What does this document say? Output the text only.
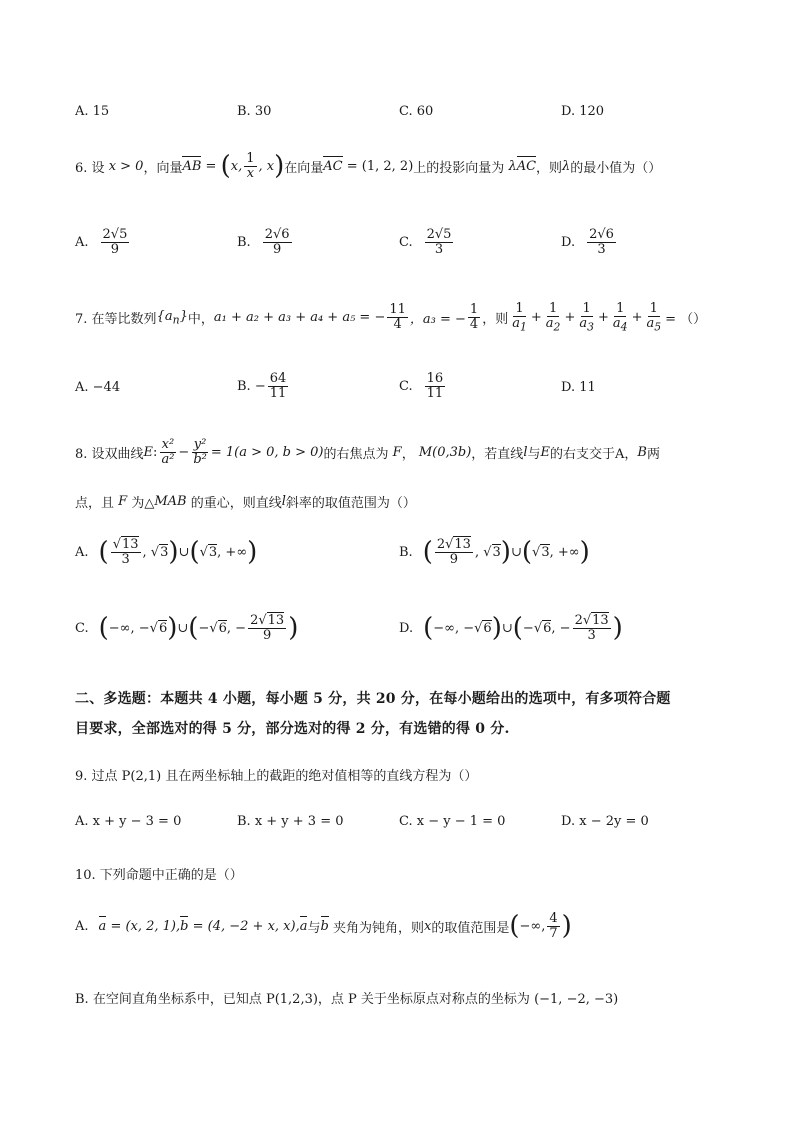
A. 15	B. 30	C. 60	D. 120
6. 设
x > 0 ，向量 AB = ( x, $\frac{1}{x}$ , x ) 在向量 AC
= (1, 2, 2) 上的投影向量为
λ AC ，则 λ 的最小值为（）
A. $\frac{2√5}{9}$	B. $\frac{2√6}{9}$	C. $\frac{2√5}{3}$	D. $\frac{2√6}{3}$
7. 在等比数列 $\{a_n\}$ 中， a₁ + a₂ + a₃ + a₄ + a₅ = − $\frac{11}{4}$ ，a₃ = − $\frac{1}{4}$ ，则 $\frac{1}{a_1} + \frac{1}{a_2} + \frac{1}{a_3} + \frac{1}{a_4} + \frac{1}{a_5}$ = （）
A. −44	B. − $\frac{64}{11}$	C. $\frac{16}{11}$	D. 11
8. 设双曲线 E : $\frac{\text{x²}}{\text{a²}} - \frac{\text{y²}}{\text{b²}} = 1(a > 0$, b > 0) 的右焦点为
F ，
M(0,3b) ，若直线 l 与 E 的右支交于A， B 两
点，且
F
为△ MAB
的重心，则直线 l 斜率的取值范围为（）
A. ( $\frac{√13}{3}$ , √ 3 ) ∪ ( √ 3 , +∞ )	B. ( $\frac{2√13}{9}$ , √ 3 ) ∪ ( √ 3 , +∞ )
C. ( −∞, −√ 6 ) ∪ ( −√ 6 , − $\frac{2√13}{9}$ )	D. ( −∞, −√ 6 ) ∪ ( −√ 6 , − $\frac{2√13}{3}$ )
二、多选题：本题共 4 小题，每小题 5 分，共 20 分，在每小题给出的选项中，有多项符合题
目要求，全部选对的得 5 分，部分选对的得 2 分，有选错的得 0 分.
9. 过点 P(2,1) 且在两坐标轴上的截距的绝对值相等的直线方程为（）
A. x + y − 3 = 0	B. x + y + 3 = 0	C. x − y − 1 = 0	D. x − 2y = 0
10. 下列命题中正确的是（）
A. a
= (x, 2, 1), b
= (4, −2 + x, x), a 与 b
夹角为钝角，则 x 的取值范围是 ( −∞, $\frac{4}{7}$ )
B. 在空间直角坐标系中，已知点 P(1,2,3)，点 P 关于坐标原点对称点的坐标为 (−1, −2, −3)
